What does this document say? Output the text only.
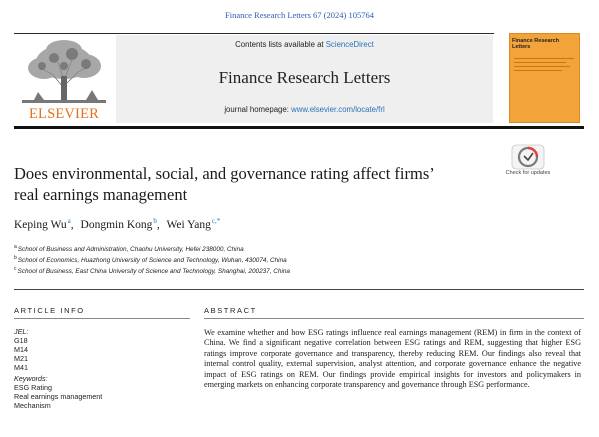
Finance Research Letters 67 (2024) 105764
Contents lists available at ScienceDirect
Finance Research Letters
journal homepage: www.elsevier.com/locate/frl
ELSEVIER
Finance Research Letters
Does environmental, social, and governance rating affect firms’
real earnings management
Check for updates
Keping Wu$^a$, Dongmin Kong$^b$, Wei Yang$^{c,*}$
$^a$School of Business and Administration, Chaohu University, Hefei 238000, China
$^b$School of Economics, Huazhong University of Science and Technology, Wuhan, 430074, China
$^c$School of Business, East China University of Science and Technology, Shanghai, 200237, China
ARTICLE INFO	ABSTRACT
JEL:
G18
M14
M21
M41
Keywords:
ESG Rating
Real earnings management
Mechanism
We examine whether and how ESG ratings influence real earnings management (REM) in firm in the context of China. We find a significant negative correlation between ESG ratings and REM, suggesting that higher ESG ratings improve corporate governance and transparency, thereby reducing REM. Our findings also reveal that internal control quality, external supervision, analyst attention, and corporate governance enhance the negative impact of ESG ratings on REM. Our findings provide empirical insights for investors and policymakers in emerging markets on enhancing corporate transparency and governance through ESG performance.
